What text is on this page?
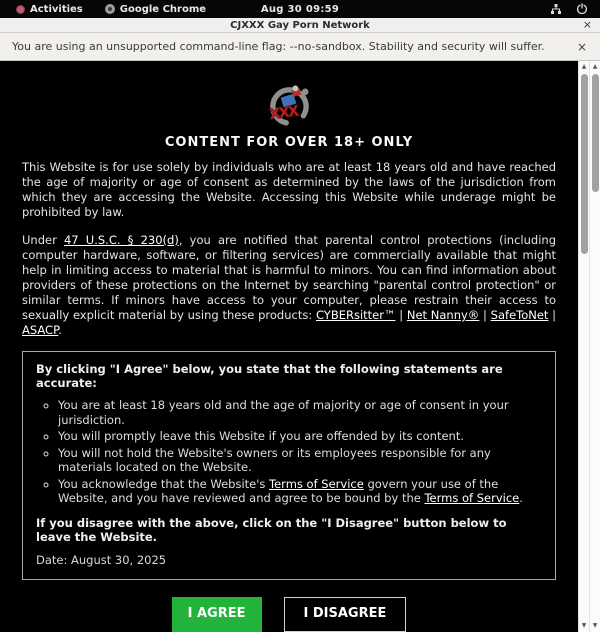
Activities	Google Chrome	Aug 30 09:59
CJXXX Gay Porn Network	×
You are using an unsupported command-line flag: --no-sandbox. Stability and security will suffer.	×
XXX
CONTENT FOR OVER 18+ ONLY

This Website is for use solely by individuals who are at least 18 years old and have reached the age of majority or age of consent as determined by the laws of the jurisdiction from which they are accessing the Website. Accessing this Website while underage might be prohibited by law.

Under 47 U.S.C. § 230(d), you are notified that parental control protections (including computer hardware, software, or filtering services) are commercially available that might help in limiting access to material that is harmful to minors. You can find information about providers of these protections on the Internet by searching "parental control protection" or similar terms. If minors have access to your computer, please restrain their access to sexually explicit material by using these products: CYBERsitter™ | Net Nanny® | SafeToNet | ASACP.

By clicking "I Agree" below, you state that the following statements are accurate:
◦ You are at least 18 years old and the age of majority or age of consent in your jurisdiction.
◦ You will promptly leave this Website if you are offended by its content.
◦ You will not hold the Website's owners or its employees responsible for any materials located on the Website.
◦ You acknowledge that the Website's Terms of Service govern your use of the Website, and you have reviewed and agree to be bound by the Terms of Service.
If you disagree with the above, click on the "I Disagree" button below to leave the Website.
Date: August 30, 2025
I AGREE	I DISAGREE
▲
▼
▲
▼
